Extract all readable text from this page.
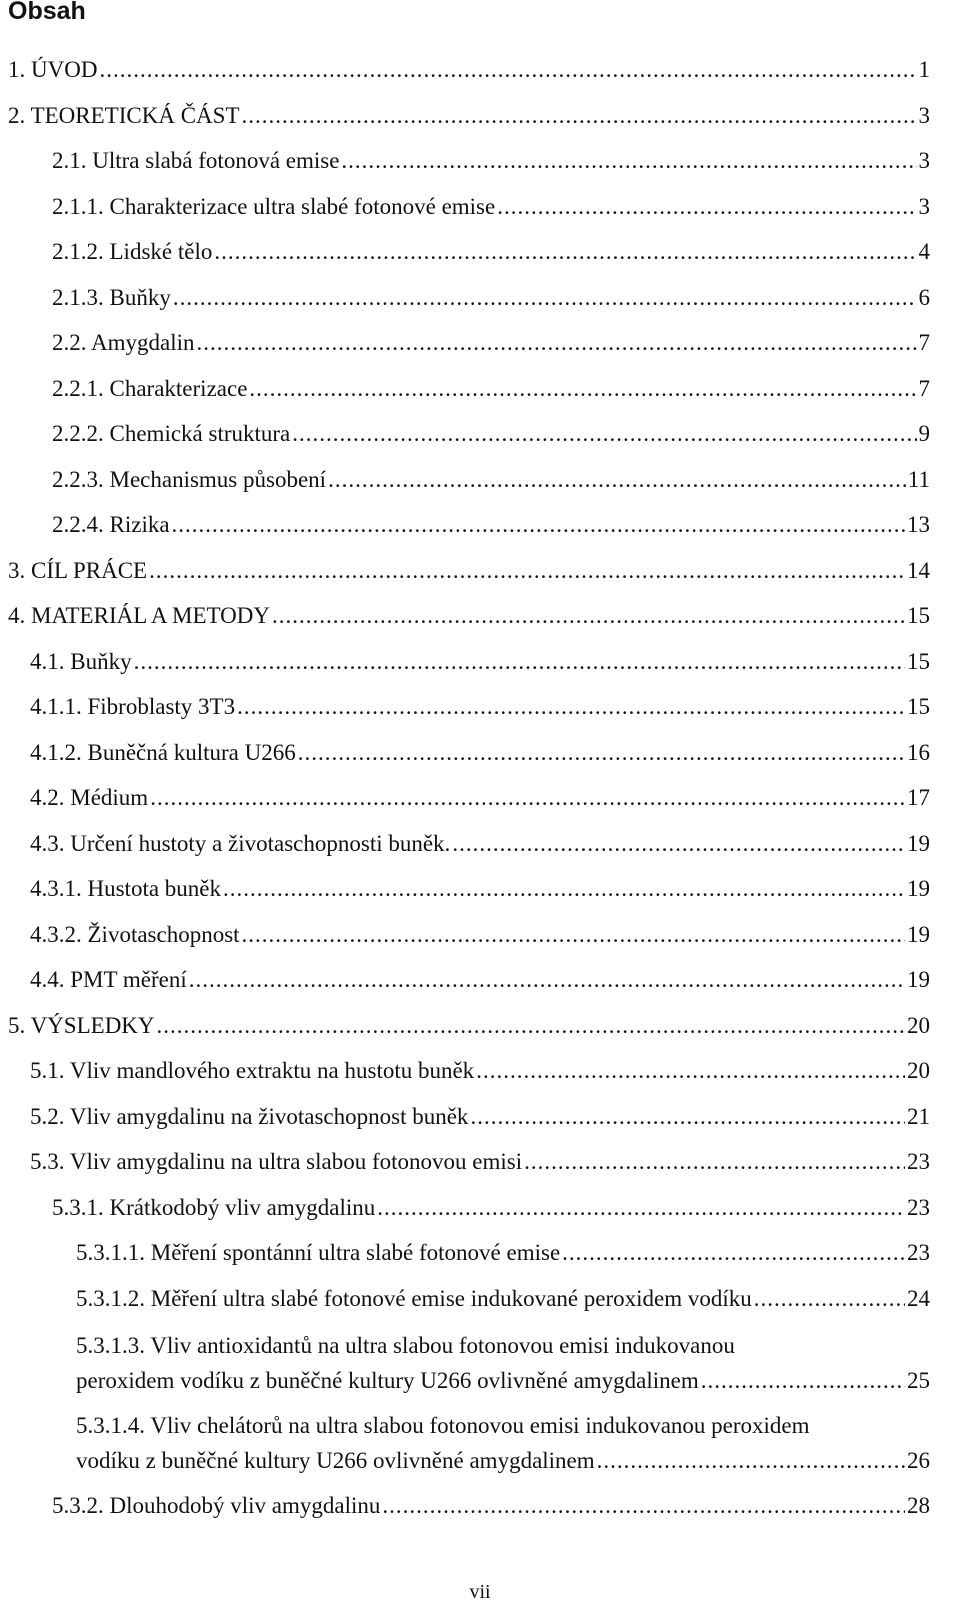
Obsah
1. ÚVOD .....	1
2. TEORETICKÁ ČÁST .....	3
2.1. Ultra slabá fotonová emise .....	3
2.1.1. Charakterizace ultra slabé fotonové emise .....	3
2.1.2. Lidské tělo .....	4
2.1.3. Buňky .....	6
2.2. Amygdalin .....	7
2.2.1. Charakterizace .....	7
2.2.2. Chemická struktura .....	9
2.2.3. Mechanismus působení .....	11
2.2.4. Rizika .....	13
3. CÍL PRÁCE .....	14
4. MATERIÁL A METODY .....	15
4.1. Buňky .....	15
4.1.1. Fibroblasty 3T3 .....	15
4.1.2. Buněčná kultura U266 .....	16
4.2. Médium .....	17
4.3. Určení hustoty a životaschopnosti buněk. .....	19
4.3.1. Hustota buněk .....	19
4.3.2. Životaschopnost .....	19
4.4. PMT měření .....	19
5. VÝSLEDKY .....	20
5.1. Vliv mandlového extraktu na hustotu buněk .....	20
5.2. Vliv amygdalinu na životaschopnost buněk .....	21
5.3. Vliv amygdalinu na ultra slabou fotonovou emisi .....	23
5.3.1. Krátkodobý vliv amygdalinu .....	23
5.3.1.1. Měření spontánní ultra slabé fotonové emise .....	23
5.3.1.2. Měření ultra slabé fotonové emise indukované peroxidem vodíku .....	24
5.3.1.3. Vliv antioxidantů na ultra slabou fotonovou emisi indukovanou
peroxidem vodíku z buněčné kultury U266 ovlivněné amygdalinem .....	25
5.3.1.4. Vliv chelátorů na ultra slabou fotonovou emisi indukovanou peroxidem
vodíku z buněčné kultury U266 ovlivněné amygdalinem .....	26
5.3.2. Dlouhodobý vliv amygdalinu .....	28
vii
